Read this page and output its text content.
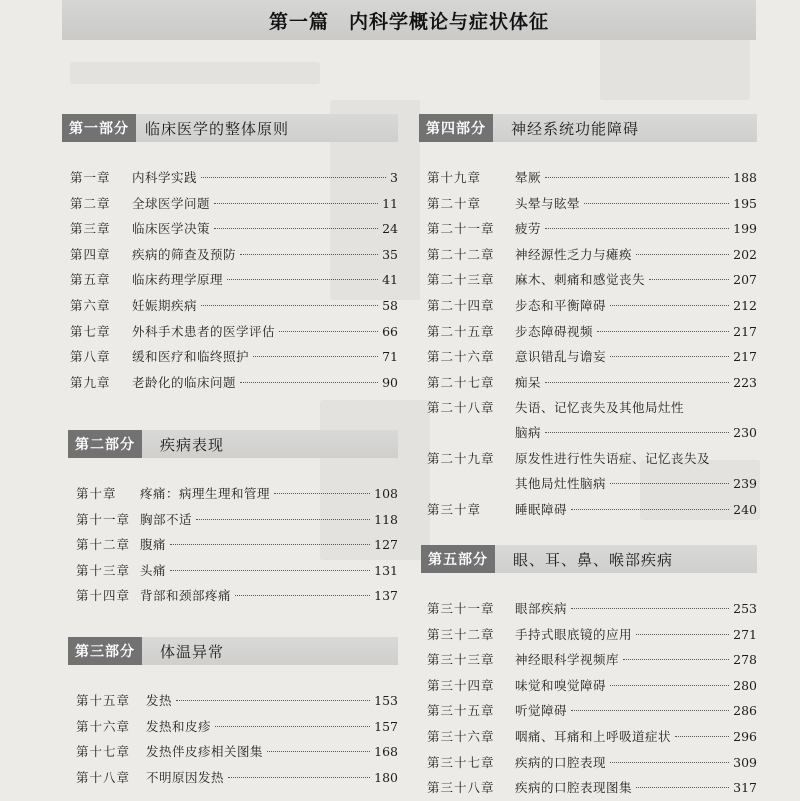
第一篇　内科学概论与症状体征
第一部分	临床医学的整体原则
第一章	内科学实践	3
第二章	全球医学问题	11
第三章	临床医学决策	24
第四章	疾病的筛查及预防	35
第五章	临床药理学原理	41
第六章	妊娠期疾病	58
第七章	外科手术患者的医学评估	66
第八章	缓和医疗和临终照护	71
第九章	老龄化的临床问题	90
第二部分	疾病表现
第十章	疼痛：病理生理和管理	108
第十一章 胸部不适	118
第十二章 腹痛	127
第十三章 头痛	131
第十四章 背部和颈部疼痛	137
第三部分	体温异常
第十五章	发热	153
第十六章	发热和皮疹	157
第十七章	发热伴皮疹相关图集	168
第十八章	不明原因发热	180
第四部分	神经系统功能障碍
第十九章	晕厥	188
第二十章	头晕与眩晕	195
第二十一章	疲劳	199
第二十二章	神经源性乏力与瘫痪	202
第二十三章	麻木、刺痛和感觉丧失	207
第二十四章	步态和平衡障碍	212
第二十五章	步态障碍视频	217
第二十六章	意识错乱与谵妄	217
第二十七章	痴呆	223
第二十八章	失语、记忆丧失及其他局灶性
脑病	230
第二十九章	原发性进行性失语症、记忆丧失及
其他局灶性脑病	239
第三十章	睡眠障碍	240
第五部分	眼、耳、鼻、喉部疾病
第三十一章	眼部疾病	253
第三十二章	手持式眼底镜的应用	271
第三十三章	神经眼科学视频库	278
第三十四章	味觉和嗅觉障碍	280
第三十五章	听觉障碍	286
第三十六章	咽痛、耳痛和上呼吸道症状	296
第三十七章	疾病的口腔表现	309
第三十八章	疾病的口腔表现图集	317
